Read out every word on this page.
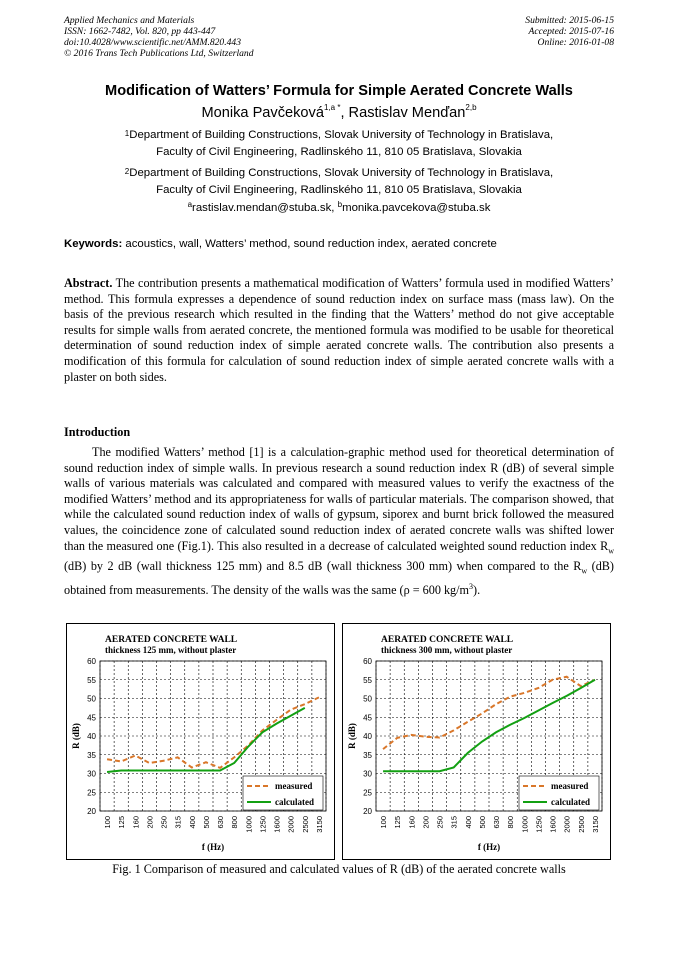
Applied Mechanics and Materials
ISSN: 1662-7482, Vol. 820, pp 443-447
doi:10.4028/www.scientific.net/AMM.820.443
© 2016 Trans Tech Publications Ltd, Switzerland
Submitted: 2015-06-15
Accepted: 2015-07-16
Online: 2016-01-08
Modification of Watters’ Formula for Simple Aerated Concrete Walls
Monika Pavčeková$^{1,a *}$, Rastislav Menďan$^{2,b}$
$^1$Department of Building Constructions, Slovak University of Technology in Bratislava,
Faculty of Civil Engineering, Radlinského 11, 810 05 Bratislava, Slovakia
$^2$Department of Building Constructions, Slovak University of Technology in Bratislava,
Faculty of Civil Engineering, Radlinského 11, 810 05 Bratislava, Slovakia
$^a$rastislav.mendan@stuba.sk, $^b$monika.pavcekova@stuba.sk
Keywords: acoustics, wall, Watters’ method, sound reduction index, aerated concrete
Abstract. The contribution presents a mathematical modification of Watters’ formula used in modified Watters’ method. This formula expresses a dependence of sound reduction index on surface mass (mass law). On the basis of the previous research which resulted in the finding that the Watters’ method do not give acceptable results for simple walls from aerated concrete, the mentioned formula was modified to be usable for theoretical determination of sound reduction index of simple aerated concrete walls. The contribution also presents a modification of this formula for calculation of sound reduction index of simple aerated concrete walls with a plaster on both sides.
Introduction
The modified Watters’ method [1] is a calculation-graphic method used for theoretical determination of sound reduction index of simple walls. In previous research a sound reduction index R (dB) of several simple walls of various materials was calculated and compared with measured values to verify the exactness of the modified Watters’ method and its appropriateness for walls of particular materials. The comparison showed, that while the calculated sound reduction index of walls of gypsum, siporex and burnt brick followed the measured values, the coincidence zone of calculated sound reduction index of aerated concrete walls was shifted lower than the measured one (Fig.1). This also resulted in a decrease of calculated weighted sound reduction index $R_w$ (dB) by 2 dB (wall thickness 125 mm) and 8.5 dB (wall thickness 300 mm) when compared to the $R_w$ (dB) obtained from measurements. The density of the walls was the same (ρ = 600 $kg/m^3$).
AERATED CONCRETE WALL
thickness 125 mm, without plaster
60
55
50
45
40
35
30
25
20
100 125 160 200 250 315 400 500 630 800 1000 1250 1600 2000 2500 3150
f (Hz)
R (dB)
measured
calculated
AERATED CONCRETE WALL
thickness 300 mm, without plaster
60
55
50
45
40
35
30
25
20
100 125 160 200 250 315 400 500 630 800 1000 1250 1600 2000 2500 3150
f (Hz)
R (dB)
measured
calculated
Fig. 1 Comparison of measured and calculated values of R (dB) of the aerated concrete walls
